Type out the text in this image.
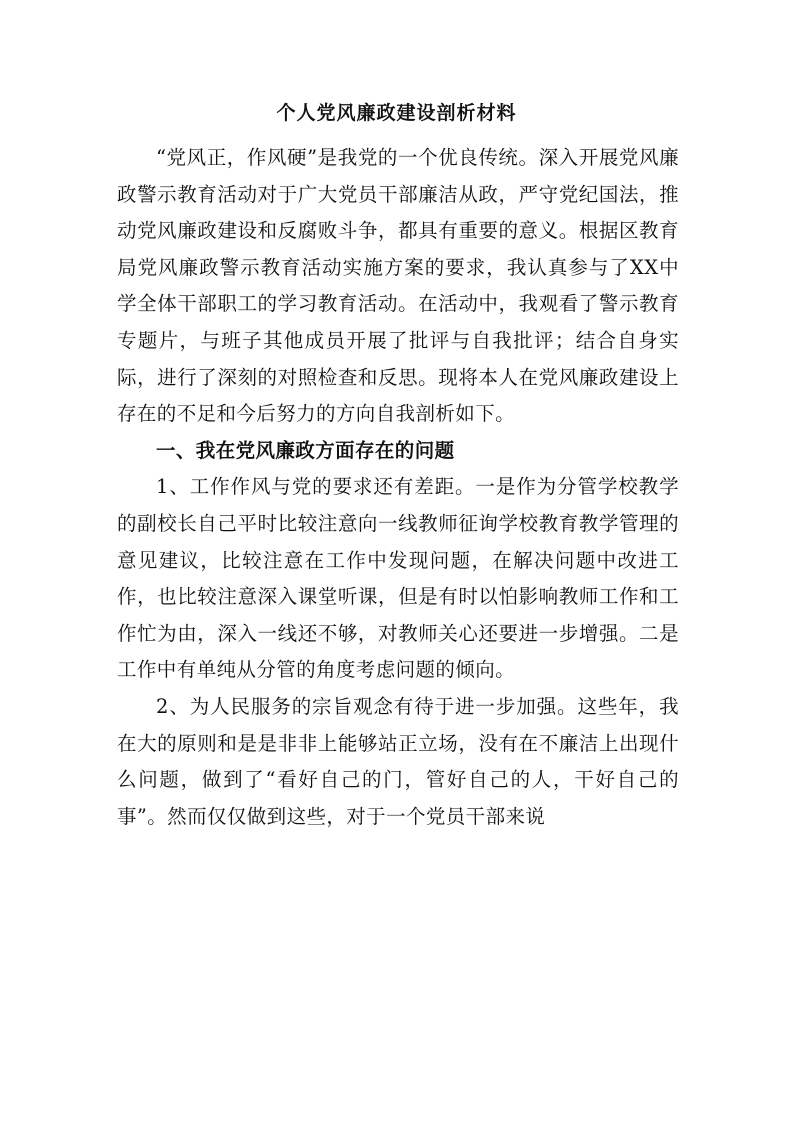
个人党风廉政建设剖析材料

“党风正，作风硬”是我党的一个优良传统。深入开展党风廉政警示教育活动对于广大党员干部廉洁从政，严守党纪国法，推动党风廉政建设和反腐败斗争，都具有重要的意义。根据区教育局党风廉政警示教育活动实施方案的要求，我认真参与了XX中学全体干部职工的学习教育活动。在活动中，我观看了警示教育专题片，与班子其他成员开展了批评与自我批评；结合自身实际，进行了深刻的对照检查和反思。现将本人在党风廉政建设上存在的不足和今后努力的方向自我剖析如下。

一、我在党风廉政方面存在的问题

1、工作作风与党的要求还有差距。一是作为分管学校教学的副校长自己平时比较注意向一线教师征询学校教育教学管理的意见建议，比较注意在工作中发现问题，在解决问题中改进工作，也比较注意深入课堂听课，但是有时以怕影响教师工作和工作忙为由，深入一线还不够，对教师关心还要进一步增强。二是工作中有单纯从分管的角度考虑问题的倾向。

2、为人民服务的宗旨观念有待于进一步加强。这些年，我在大的原则和是是非非上能够站正立场，没有在不廉洁上出现什么问题，做到了“看好自己的门，管好自己的人，干好自己的事”。然而仅仅做到这些，对于一个党员干部来说
